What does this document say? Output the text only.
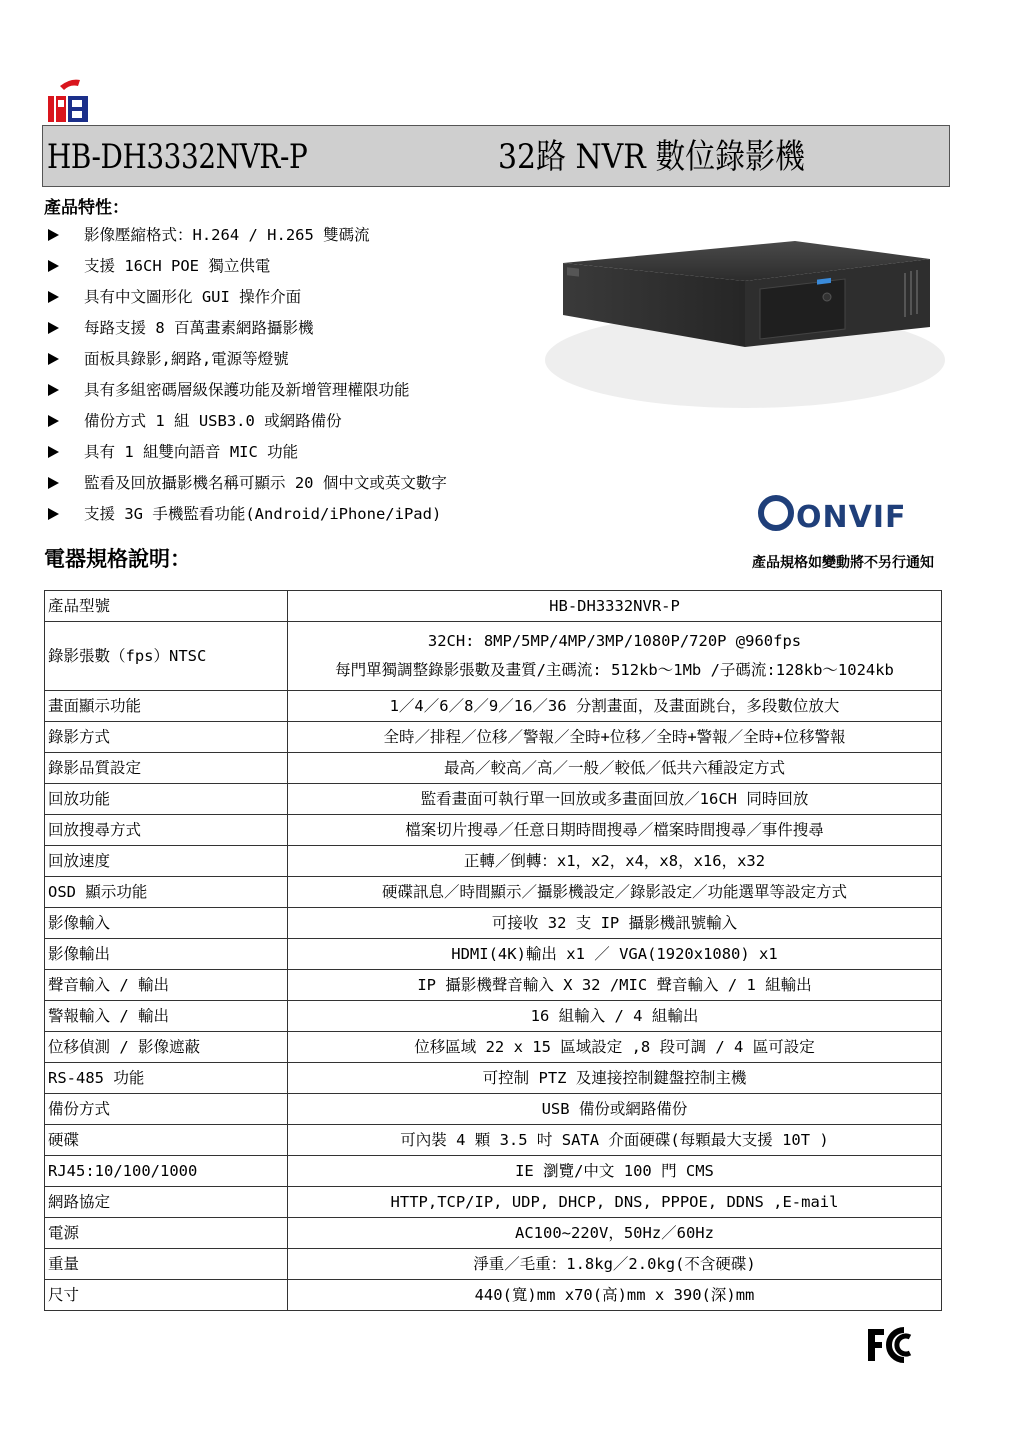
HB-DH3332NVR-P	32路 NVR 數位錄影機
產品特性：
影像壓縮格式：H.264 / H.265 雙碼流
支援 16CH POE 獨立供電
具有中文圖形化 GUI 操作介面
每路支援 8 百萬畫素網路攝影機
面板具錄影,網路,電源等燈號
具有多組密碼層級保護功能及新增管理權限功能
備份方式 1 組 USB3.0 或網路備份
具有 1 組雙向語音 MIC 功能
監看及回放攝影機名稱可顯示 20 個中文或英文數字
支援 3G 手機監看功能(Android/iPhone/iPad)	ONVIF
電器規格說明：	產品規格如變動將不另行通知
產品型號	HB-DH3332NVR-P
錄影張數（fps）NTSC	32CH: 8MP/5MP/4MP/3MP/1080P/720P @960fps
每門單獨調整錄影張數及畫質/主碼流: 512kb～1Mb /子碼流:128kb～1024kb

畫面顯示功能	1／4／6／8／9／16／36 分割畫面，及畫面跳台，多段數位放大
錄影方式	全時／排程／位移／警報／全時+位移／全時+警報／全時+位移警報
錄影品質設定	最高／較高／高／一般／較低／低共六種設定方式
回放功能	監看畫面可執行單一回放或多畫面回放／16CH 同時回放
回放搜尋方式	檔案切片搜尋／任意日期時間搜尋／檔案時間搜尋／事件搜尋
回放速度	正轉／倒轉：x1，x2，x4，x8，x16，x32
OSD 顯示功能	硬碟訊息／時間顯示／攝影機設定／錄影設定／功能選單等設定方式
影像輸入	可接收 32 支 IP 攝影機訊號輸入
影像輸出	HDMI(4K)輸出 x1 ／ VGA(1920x1080) x1
聲音輸入 / 輸出	IP 攝影機聲音輸入 X 32 /MIC 聲音輸入 / 1 組輸出
警報輸入 / 輸出	16 組輸入 / 4 組輸出
位移偵測 / 影像遮蔽	位移區域 22 x 15 區域設定 ,8 段可調 / 4 區可設定
RS-485 功能	可控制 PTZ 及連接控制鍵盤控制主機
備份方式	USB 備份或網路備份
硬碟	可內裝 4 顆 3.5 吋 SATA 介面硬碟(每顆最大支援 10T )
RJ45:10/100/1000	IE 瀏覽/中文 100 門 CMS
網路協定	HTTP,TCP/IP, UDP, DHCP, DNS, PPPOE, DDNS ,E-mail
電源	AC100~220V，50Hz／60Hz
重量	淨重／毛重：1.8kg／2.0kg(不含硬碟)
尺寸	440(寬)mm x70(高)mm x 390(深)mm
